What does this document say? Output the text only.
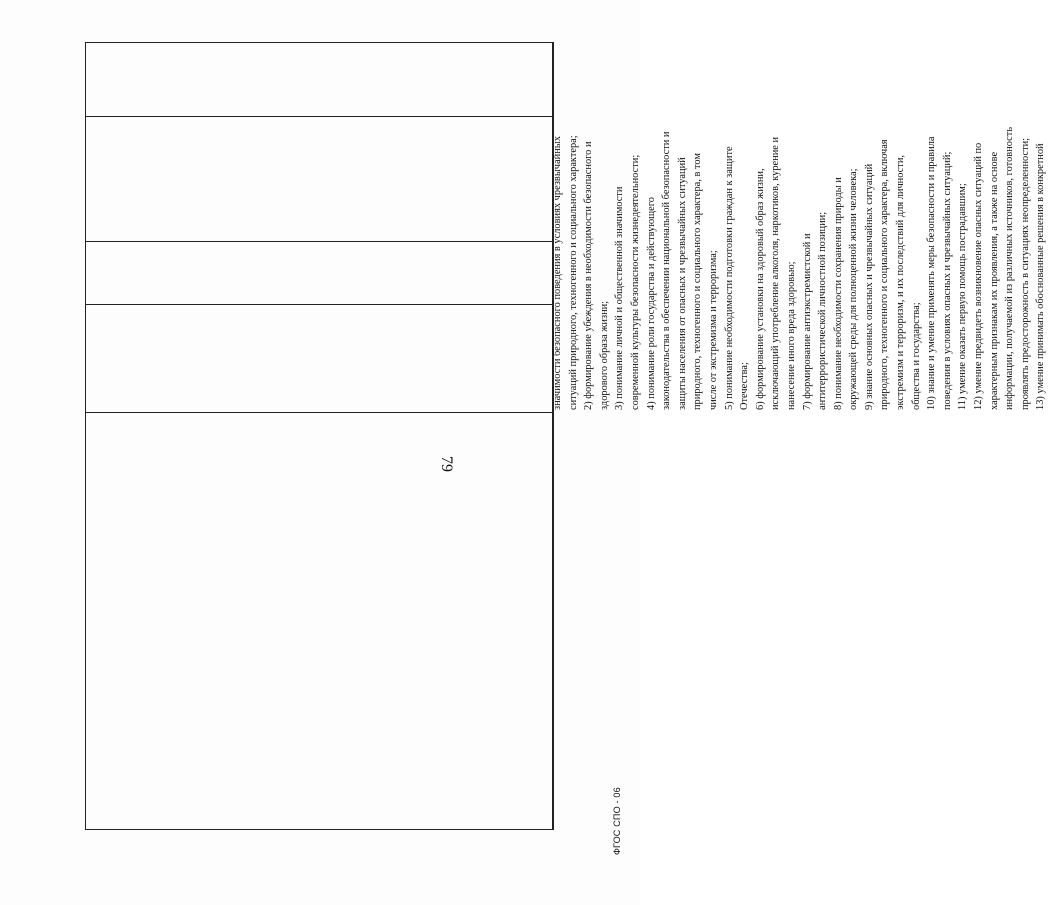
79
значимости безопасного поведения в условиях чрезвычайных ситуаций природного, техногенного и социального характера; 2) формирование убеждения в необходимости безопасного и здорового образа жизни; 3) понимание личной и общественной значимости современной культуры безопасности жизнедеятельности; 4) понимание роли государства и действующего законодательства в обеспечении национальной безопасности и защиты населения от опасных и чрезвычайных ситуаций природного, техногенного и социального характера, в том числе от экстремизма и терроризма; 5) понимание необходимости подготовки граждан к защите Отечества; 6) формирование установки на здоровый образ жизни, исключающий употребление алкоголя, наркотиков, курение и нанесение иного вреда здоровью; 7) формирование антиэкстремистской и антитеррористической личностной позиции; 8) понимание необходимости сохранения природы и окружающей среды для полноценной жизни человека; 9) знание основных опасных и чрезвычайных ситуаций природного, техногенного и социального характера, включая экстремизм и терроризм, и их последствий для личности, общества и государства; 10) знание и умение применять меры безопасности и правила поведения в условиях опасных и чрезвычайных ситуаций; 11) умение оказать первую помощь пострадавшим; 12) умение предвидеть возникновение опасных ситуаций по характерным признакам их проявления, а также на основе информации, получаемой из различных источников, готовность проявлять предосторожность в ситуациях неопределенности; 13) умение принимать обоснованные решения в конкретной
ФГОС СПО - 06
